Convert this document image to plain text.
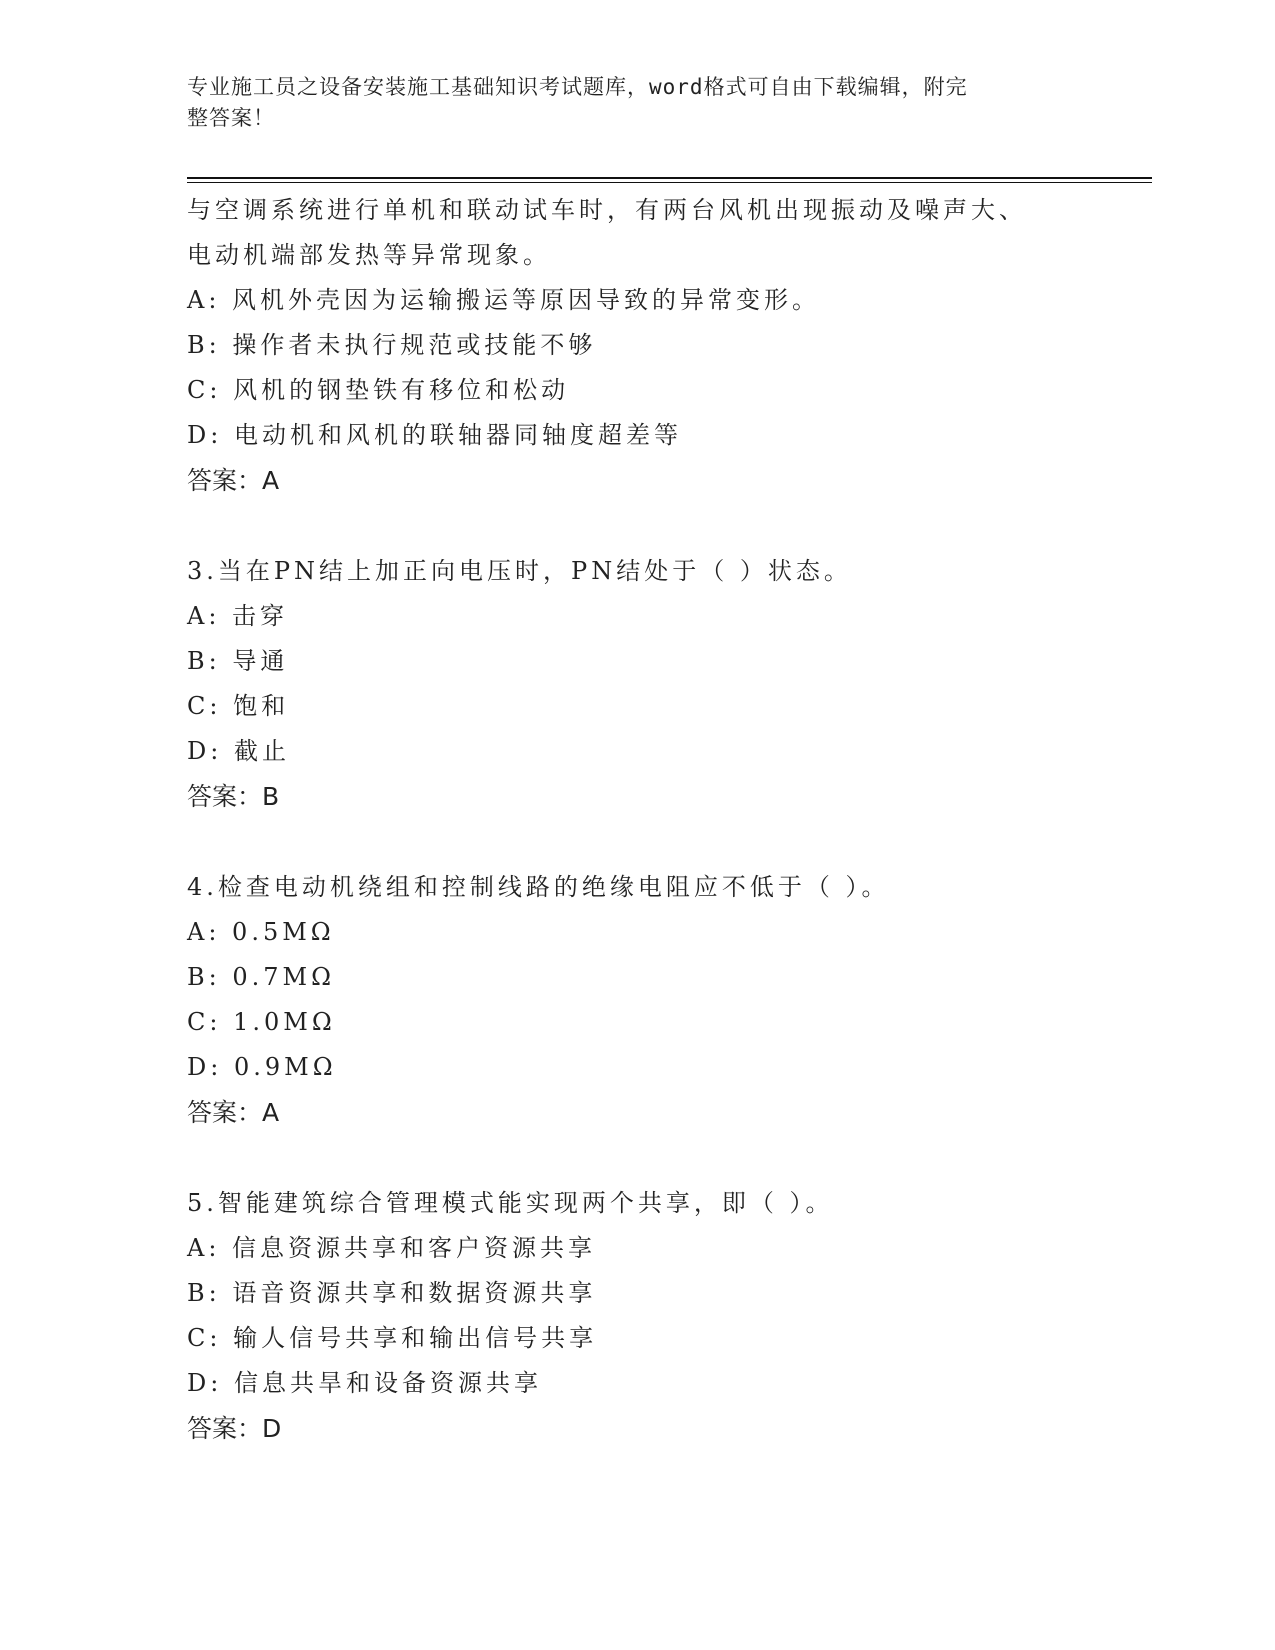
专业施工员之设备安装施工基础知识考试题库，word格式可自由下载编辑，附完
整答案！
与空调系统进行单机和联动试车时，有两台风机出现振动及噪声大、
电动机端部发热等异常现象。
A: 风机外壳因为运输搬运等原因导致的异常变形。
B: 操作者未执行规范或技能不够
C: 风机的钢垫铁有移位和松动
D: 电动机和风机的联轴器同轴度超差等
答案：A
3.当在PN结上加正向电压时，PN结处于（ ）状态。
A: 击穿
B: 导通
C: 饱和
D: 截止
答案：B
4.检查电动机绕组和控制线路的绝缘电阻应不低于（ ）。
A: 0.5MΩ
B: 0.7MΩ
C: 1.0MΩ
D: 0.9MΩ
答案：A
5.智能建筑综合管理模式能实现两个共享，即（ ）。
A: 信息资源共享和客户资源共享
B: 语音资源共享和数据资源共享
C: 输人信号共享和输出信号共享
D: 信息共旱和设备资源共享
答案：D
